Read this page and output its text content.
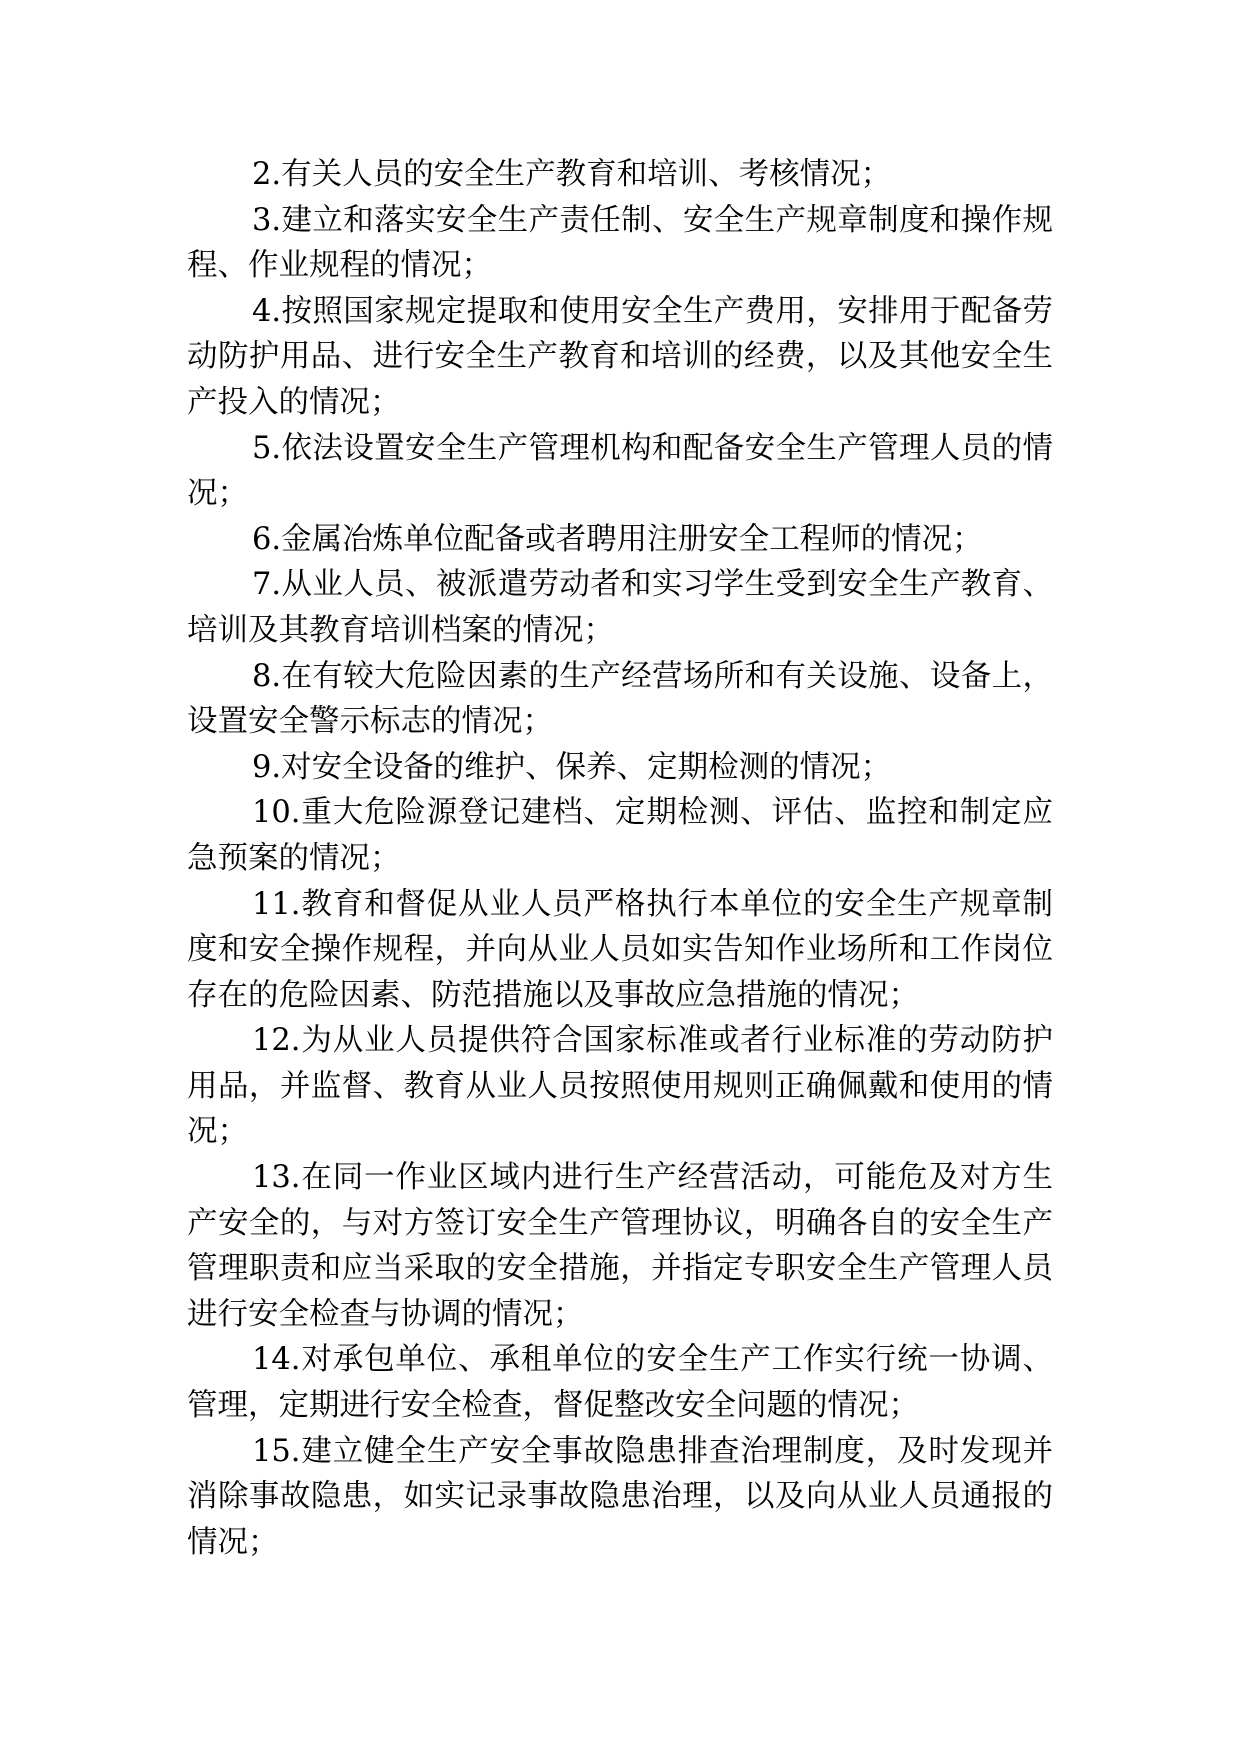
2.有关人员的安全生产教育和培训、考核情况；

3.建立和落实安全生产责任制、安全生产规章制度和操作规程、作业规程的情况；

4.按照国家规定提取和使用安全生产费用，安排用于配备劳动防护用品、进行安全生产教育和培训的经费，以及其他安全生产投入的情况；

5.依法设置安全生产管理机构和配备安全生产管理人员的情况；

6.金属冶炼单位配备或者聘用注册安全工程师的情况；

7.从业人员、被派遣劳动者和实习学生受到安全生产教育、培训及其教育培训档案的情况；

8.在有较大危险因素的生产经营场所和有关设施、设备上，设置安全警示标志的情况；

9.对安全设备的维护、保养、定期检测的情况；

10.重大危险源登记建档、定期检测、评估、监控和制定应急预案的情况；

11.教育和督促从业人员严格执行本单位的安全生产规章制度和安全操作规程，并向从业人员如实告知作业场所和工作岗位存在的危险因素、防范措施以及事故应急措施的情况；

12.为从业人员提供符合国家标准或者行业标准的劳动防护用品，并监督、教育从业人员按照使用规则正确佩戴和使用的情况；

13.在同一作业区域内进行生产经营活动，可能危及对方生产安全的，与对方签订安全生产管理协议，明确各自的安全生产管理职责和应当采取的安全措施，并指定专职安全生产管理人员进行安全检查与协调的情况；

14.对承包单位、承租单位的安全生产工作实行统一协调、管理，定期进行安全检查，督促整改安全问题的情况；

15.建立健全生产安全事故隐患排查治理制度，及时发现并消除事故隐患，如实记录事故隐患治理，以及向从业人员通报的情况；
